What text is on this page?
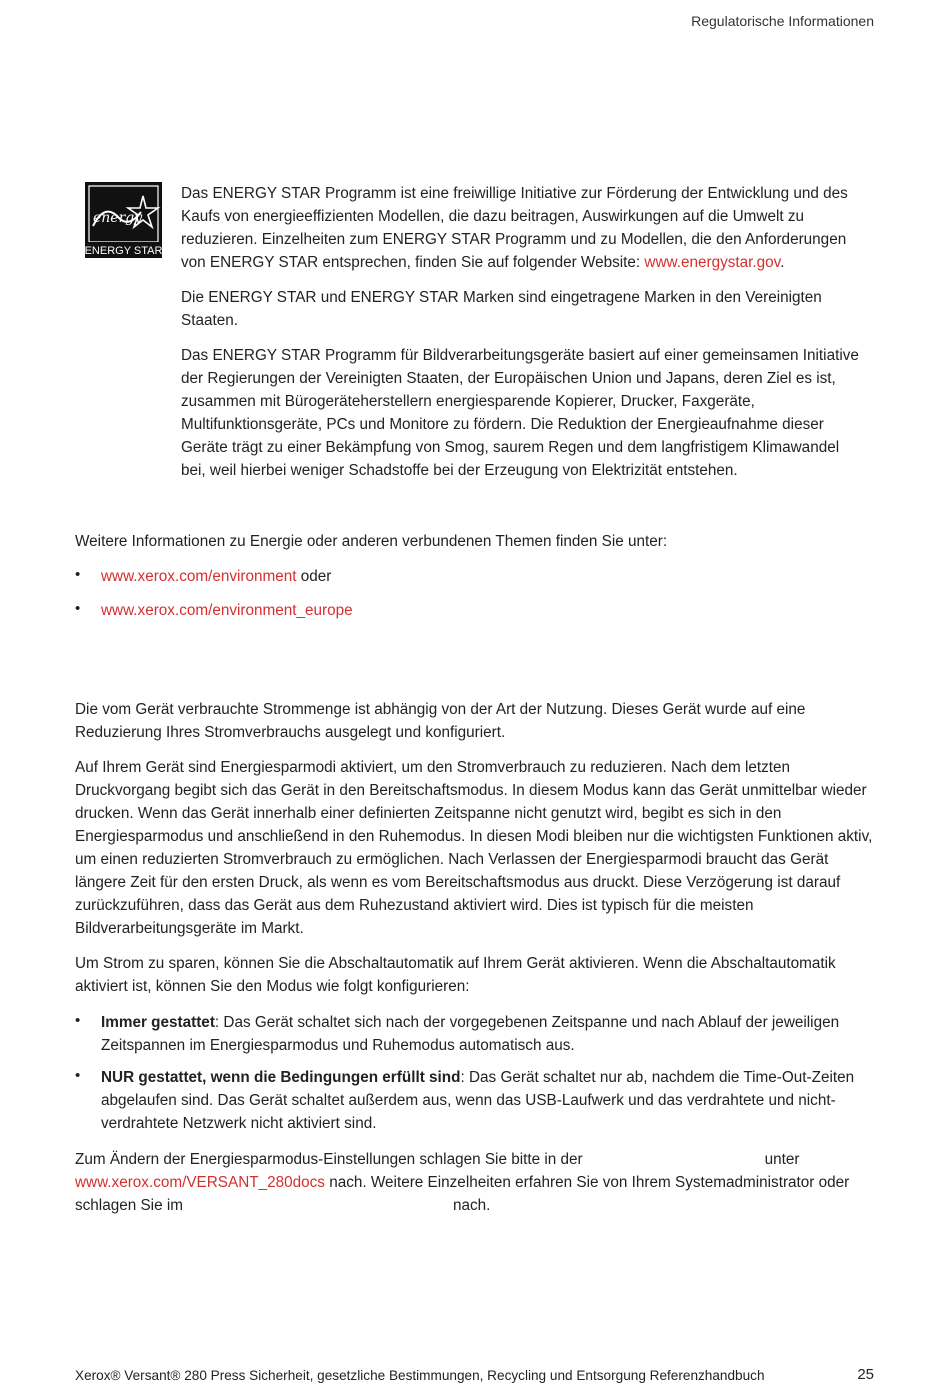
Regulatorische Informationen
energy
ENERGY STAR

Das ENERGY STAR Programm ist eine freiwillige Initiative zur Förderung der Entwicklung und des Kaufs von energieeffizienten Modellen, die dazu beitragen, Auswirkungen auf die Umwelt zu reduzieren. Einzelheiten zum ENERGY STAR Programm und zu Modellen, die den Anforderungen von ENERGY STAR entsprechen, finden Sie auf folgender Website: www.energystar.gov.

Die ENERGY STAR und ENERGY STAR Marken sind eingetragene Marken in den Vereinigten Staaten.

Das ENERGY STAR Programm für Bildverarbeitungsgeräte basiert auf einer gemeinsamen Initiative der Regierungen der Vereinigten Staaten, der Europäischen Union und Japans, deren Ziel es ist, zusammen mit Bürogeräteherstellern energiesparende Kopierer, Drucker, Faxgeräte, Multifunktionsgeräte, PCs und Monitore zu fördern. Die Reduktion der Energieaufnahme dieser Geräte trägt zu einer Bekämpfung von Smog, saurem Regen und dem langfristigem Klimawandel bei, weil hierbei weniger Schadstoffe bei der Erzeugung von Elektrizität entstehen.

Weitere Informationen zu Energie oder anderen verbundenen Themen finden Sie unter:

• www.xerox.com/environment oder

• www.xerox.com/environment_europe

Die vom Gerät verbrauchte Strommenge ist abhängig von der Art der Nutzung. Dieses Gerät wurde auf eine Reduzierung Ihres Stromverbrauchs ausgelegt und konfiguriert.

Auf Ihrem Gerät sind Energiesparmodi aktiviert, um den Stromverbrauch zu reduzieren. Nach dem letzten Druckvorgang begibt sich das Gerät in den Bereitschaftsmodus. In diesem Modus kann das Gerät unmittelbar wieder drucken. Wenn das Gerät innerhalb einer definierten Zeitspanne nicht genutzt wird, begibt es sich in den Energiesparmodus und anschließend in den Ruhemodus. In diesen Modi bleiben nur die wichtigsten Funktionen aktiv, um einen reduzierten Stromverbrauch zu ermöglichen. Nach Verlassen der Energiesparmodi braucht das Gerät längere Zeit für den ersten Druck, als wenn es vom Bereitschaftsmodus aus druckt. Diese Verzögerung ist darauf zurückzuführen, dass das Gerät aus dem Ruhezustand aktiviert wird. Dies ist typisch für die meisten Bildverarbeitungsgeräte im Markt.

Um Strom zu sparen, können Sie die Abschaltautomatik auf Ihrem Gerät aktivieren. Wenn die Abschaltautomatik aktiviert ist, können Sie den Modus wie folgt konfigurieren:

• Immer gestattet: Das Gerät schaltet sich nach der vorgegebenen Zeitspanne und nach Ablauf der jeweiligen Zeitspannen im Energiesparmodus und Ruhemodus automatisch aus.

• NUR gestattet, wenn die Bedingungen erfüllt sind: Das Gerät schaltet nur ab, nachdem die Time-Out-Zeiten abgelaufen sind. Das Gerät schaltet außerdem aus, wenn das USB-Laufwerk und das verdrahtete und nicht-verdrahtete Netzwerk nicht aktiviert sind.

Zum Ändern der Energiesparmodus-Einstellungen schlagen Sie bitte in der	unter www.xerox.com/VERSANT_280docs nach. Weitere Einzelheiten erfahren Sie von Ihrem Systemadministrator oder schlagen Sie im	nach.

Xerox® Versant® 280 Press Sicherheit, gesetzliche Bestimmungen, Recycling und Entsorgung Referenzhandbuch	25
